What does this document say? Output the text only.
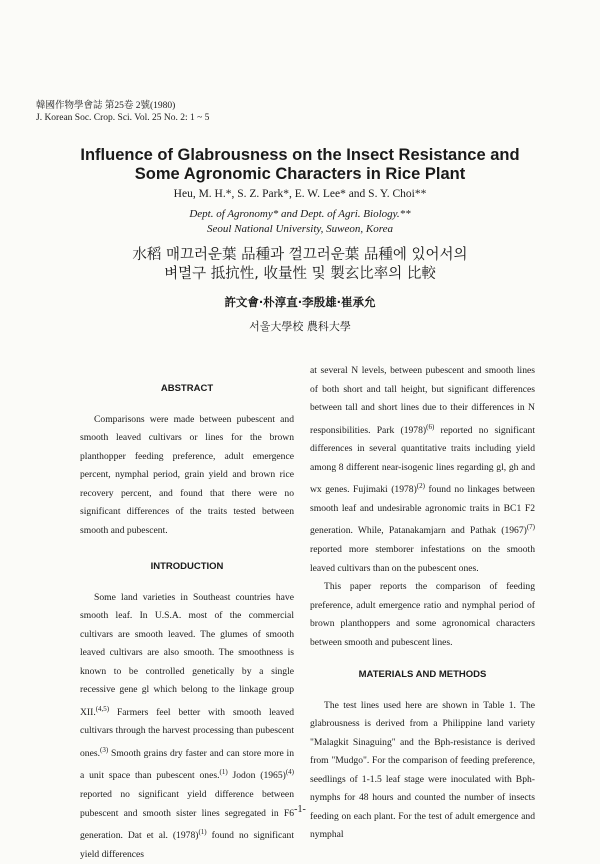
韓國作物學會誌 第25卷 2號(1980)
J. Korean Soc. Crop. Sci. Vol. 25 No. 2: 1 ~ 5
Influence of Glabrousness on the Insect Resistance and
Some Agronomic Characters in Rice Plant
Heu, M. H.*, S. Z. Park*, E. W. Lee* and S. Y. Choi**
Dept. of Agronomy* and Dept. of Agri. Biology.**
Seoul National University, Suweon, Korea
水稻 매끄러운葉 品種과 껄끄러운葉 品種에 있어서의
벼멸구 抵抗性, 收量性 및 製玄比率의 比較
許文會·朴淳直·李殷雄·崔承允
서울大學校 農科大學
ABSTRACT

Comparisons were made between pubescent and smooth leaved cultivars or lines for the brown planthopper feeding preference, adult emergence percent, nymphal period, grain yield and brown rice recovery percent, and found that there were no significant differences of the traits tested between smooth and pubescent.

INTRODUCTION

Some land varieties in Southeast countries have smooth leaf. In U.S.A. most of the commercial cultivars are smooth leaved. The glumes of smooth leaved cultivars are also smooth. The smoothness is known to be controlled genetically by a single recessive gene gl which belong to the linkage group XII.$^{(4,5)}$ Farmers feel better with smooth leaved cultivars through the harvest processing than pubescent ones.$^{(3)}$ Smooth grains dry faster and can store more in a unit space than pubescent ones.$^{(1)}$ Jodon $(1965)^{(4)}$ reported no significant yield difference between pubescent and smooth sister lines segregated in F6 generation. Dat et al. $(1978)^{(1)}$ found no significant yield differences

at several N levels, between pubescent and smooth lines of both short and tall height, but significant differences between tall and short lines due to their differences in N responsibilities. Park $(1978)^{(6)}$ reported no significant differences in several quantitative traits including yield among 8 different near-isogenic lines regarding gl, gh and wx genes. Fujimaki $(1978)^{(2)}$ found no linkages between smooth leaf and undesirable agronomic traits in BC1 F2 generation. While, Patanakamjarn and Pathak $(1967)^{(7)}$ reported more stemborer infestations on the smooth leaved cultivars than on the pubescent ones.

This paper reports the comparison of feeding preference, adult emergence ratio and nymphal period of brown planthoppers and some agronomical characters between smooth and pubescent lines.

MATERIALS AND METHODS

The test lines used here are shown in Table 1. The glabrousness is derived from a Philippine land variety "Malagkit Sinaguing" and the Bph-resistance is derived from "Mudgo". For the comparison of feeding preference, seedlings of 1-1.5 leaf stage were inoculated with Bph-nymphs for 48 hours and counted the number of insects feeding on each plant. For the test of adult emergence and nymphal

-1-
